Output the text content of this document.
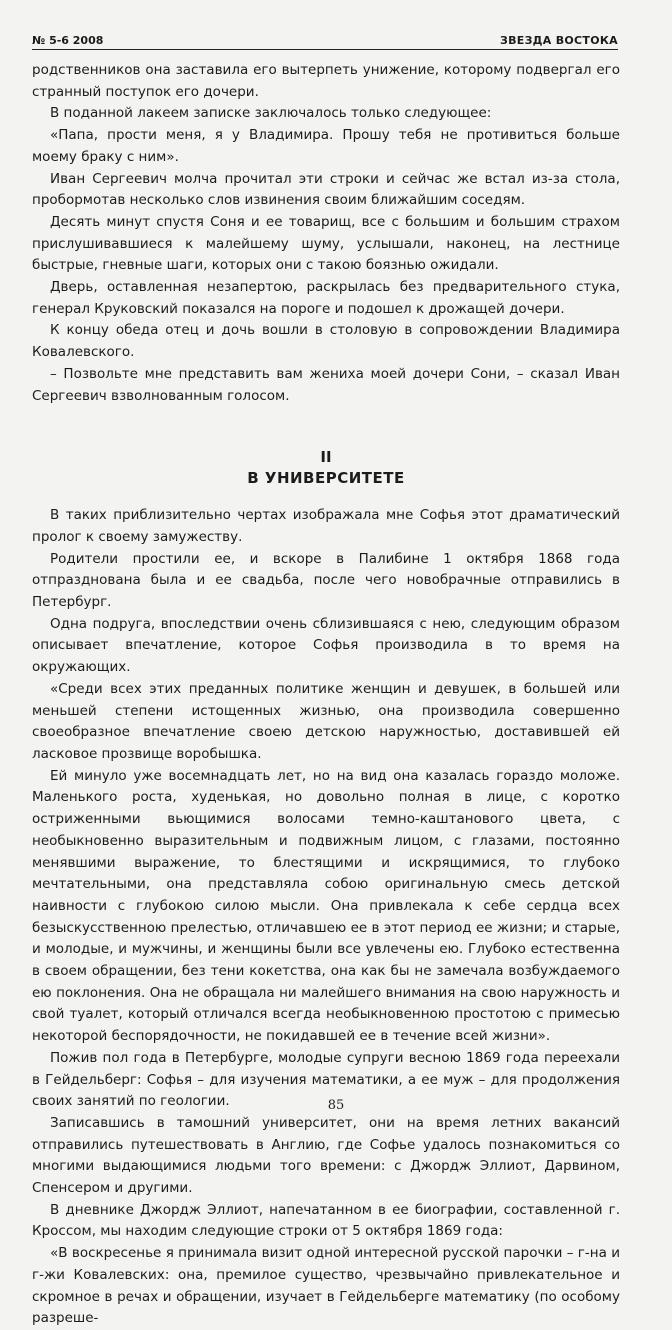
№ 5-6 2008	ЗВЕЗДА ВОСТОКА

родственников она заставила его вытерпеть унижение, которому подвергал его странный поступок его дочери.

В поданной лакеем записке заключалось только следующее:

«Папа, прости меня, я у Владимира. Прошу тебя не противиться больше моему браку с ним».

Иван Сергеевич молча прочитал эти строки и сейчас же встал из-за стола, пробормотав несколько слов извинения своим ближайшим соседям.

Десять минут спустя Соня и ее товарищ, все с большим и большим страхом прислушивавшиеся к малейшему шуму, услышали, наконец, на лестнице быстрые, гневные шаги, которых они с такою боязнью ожидали.

Дверь, оставленная незапертою, раскрылась без предварительного стука, генерал Круковский показался на пороге и подошел к дрожащей дочери.

К концу обеда отец и дочь вошли в столовую в сопровождении Владимира Ковалевского.

– Позвольте мне представить вам жениха моей дочери Сони, – сказал Иван Сергеевич взволнованным голосом.

II
В УНИВЕРСИТЕТЕ

В таких приблизительно чертах изображала мне Софья этот драматический пролог к своему замужеству.

Родители простили ее, и вскоре в Палибине 1 октября 1868 года отпразднована была и ее свадьба, после чего новобрачные отправились в Петербург.

Одна подруга, впоследствии очень сблизившаяся с нею, следующим образом описывает впечатление, которое Софья производила в то время на окружающих.

«Среди всех этих преданных политике женщин и девушек, в большей или меньшей степени истощенных жизнью, она производила совершенно своеобразное впечатление своею детскою наружностью, доставившей ей ласковое прозвище воробышка.

Ей минуло уже восемнадцать лет, но на вид она казалась гораздо моложе. Маленького роста, худенькая, но довольно полная в лице, с коротко остриженными вьющимися волосами темно-каштанового цвета, с необыкновенно выразительным и подвижным лицом, с глазами, постоянно менявшими выражение, то блестящими и искрящимися, то глубоко мечтательными, она представляла собою оригинальную смесь детской наивности с глубокою силою мысли. Она привлекала к себе сердца всех безыскусственною прелестью, отличавшею ее в этот период ее жизни; и старые, и молодые, и мужчины, и женщины были все увлечены ею. Глубоко естественна в своем обращении, без тени кокетства, она как бы не замечала возбуждаемого ею поклонения. Она не обращала ни малейшего внимания на свою наружность и свой туалет, который отличался всегда необыкновенною простотою с примесью некоторой беспорядочности, не покидавшей ее в течение всей жизни».

Пожив пол года в Петербурге, молодые супруги весною 1869 года переехали в Гейдельберг: Софья – для изучения математики, а ее муж – для продолжения своих занятий по геологии.

Записавшись в тамошний университет, они на время летних вакансий отправились путешествовать в Англию, где Софье удалось познакомиться со многими выдающимися людьми того времени: с Джордж Эллиот, Дарвином, Спенсером и другими.

В дневнике Джордж Эллиот, напечатанном в ее биографии, составленной г. Кроссом, мы находим следующие строки от 5 октября 1869 года:

«В воскресенье я принимала визит одной интересной русской парочки – г-на и г-жи Ковалевских: она, премилое существо, чрезвычайно привлекательное и скромное в речах и обращении, изучает в Гейдельберге математику (по особому разреше-

85
